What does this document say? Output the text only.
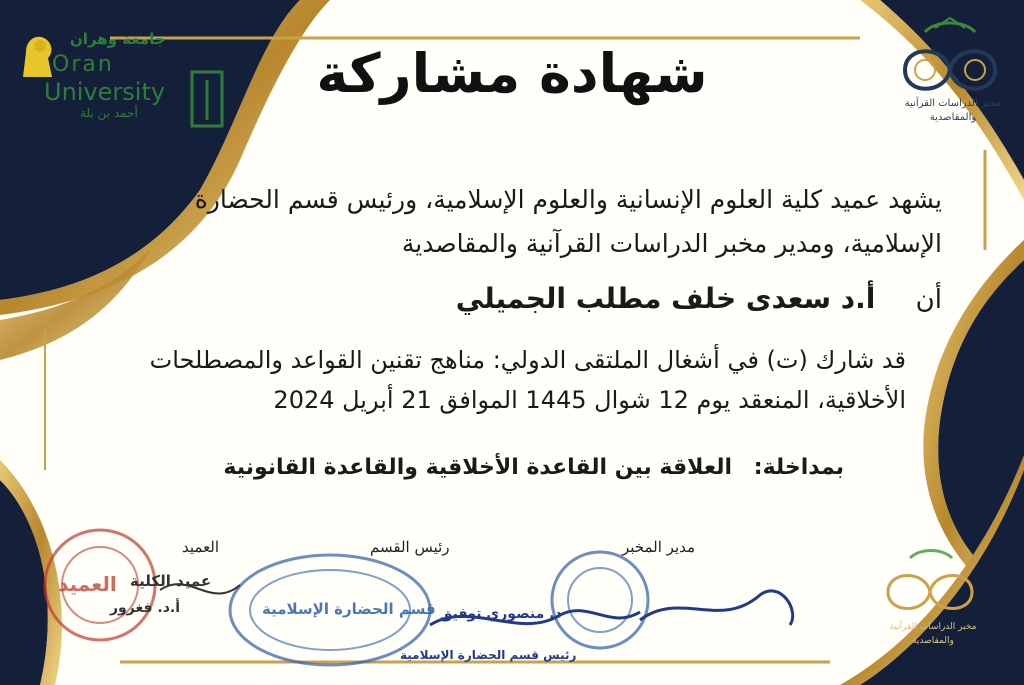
جامعة وهران
Oran
University
أحمد بن بلة
مخبر الدراسات القرآنية
والمقاصدية
شهادة مشاركة
يشهد عميد كلية العلوم الإنسانية والعلوم الإسلامية، ورئيس قسم الحضارة
الإسلامية، ومدير مخبر الدراسات القرآنية والمقاصدية
أن أ.د سعدى خلف مطلب الجميلي
قد شارك (ت) في أشغال الملتقى الدولي: مناهج تقنين القواعد والمصطلحات
الأخلاقية، المنعقد يوم 12 شوال 1445 الموافق 21 أبريل 2024
بمداخلة: العلاقة بين القاعدة الأخلاقية والقاعدة القانونية
العميد	رئيس القسم	مدير المخبر
العميد عميد الكلية
أ.د. فغرور	قسم الحضارة الإسلامية د. منصوري توفيق
رئيس قسم الحضارة الإسلامية
مخبر الدراسات القرآنية
والمقاصدية
